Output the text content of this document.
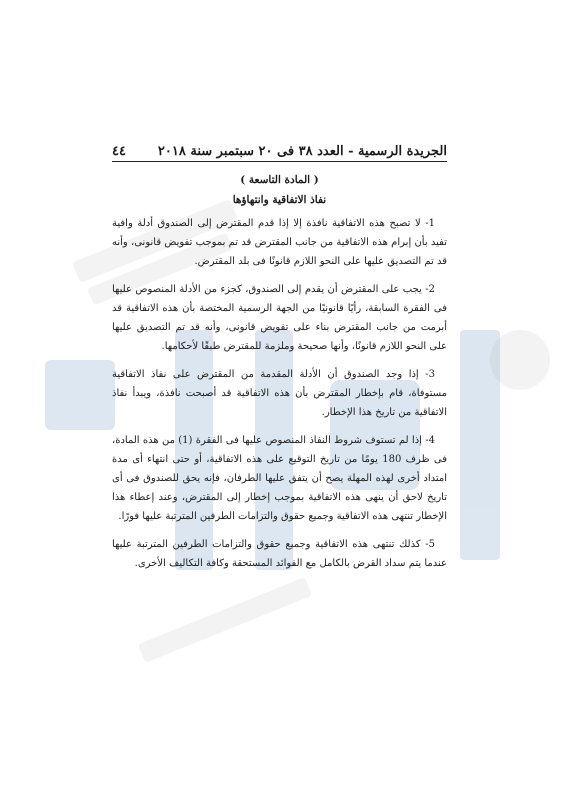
الجريدة الرسمية - العدد ٣٨ فى ٢٠ سبتمبر سنة ٢٠١٨
٤٤
( المادة التاسعة )
نفاذ الاتفاقية وانتهاؤها

1- لا تصبح هذه الاتفاقية نافذة إلا إذا قدم المقترض إلى الصندوق أدلة وافية تفيد بأن إبرام هذه الاتفاقية من جانب المقترض قد تم بموجب تفويض قانونى، وأنه قد تم التصديق عليها على النحو اللازم قانونًا فى بلد المقترض.

2- يجب على المقترض أن يقدم إلى الصندوق، كجزء من الأدلة المنصوص عليها فى الفقرة السابقة، رأيًا قانونيًا من الجهة الرسمية المختصة بأن هذه الاتفاقية قد أبرمت من جانب المقترض بناء على تفويض قانونى، وأنه قد تم التصديق عليها على النحو اللازم قانونًا، وأنها صحيحة وملزمة للمقترض طبقًا لأحكامها.

3- إذا وجد الصندوق أن الأدلة المقدمة من المقترض على نفاذ الاتفاقية مستوفاة، قام بإخطار المقترض بأن هذه الاتفاقية قد أصبحت نافذة، ويبدأ نفاذ الاتفاقية من تاريخ هذا الإخطار.

4- إذا لم تستوف شروط النفاذ المنصوص عليها فى الفقرة (1) من هذه المادة، فى ظرف 180 يومًا من تاريخ التوقيع على هذه الاتفاقية، أو حتى انتهاء أى مدة امتداد أخرى لهذه المهلة يصح أن يتفق عليها الطرفان، فإنه يحق للصندوق فى أى تاريخ لاحق أن ينهى هذه الاتفاقية بموجب إخطار إلى المقترض، وعند إعطاء هذا الإخطار تنتهى هذه الاتفاقية وجميع حقوق والتزامات الطرفين المترتبة عليها فورًا.

5- كذلك تنتهى هذه الاتفاقية وجميع حقوق والتزامات الطرفين المترتبة عليها عندما يتم سداد القرض بالكامل مع الفوائد المستحقة وكافة التكاليف الأخرى.
